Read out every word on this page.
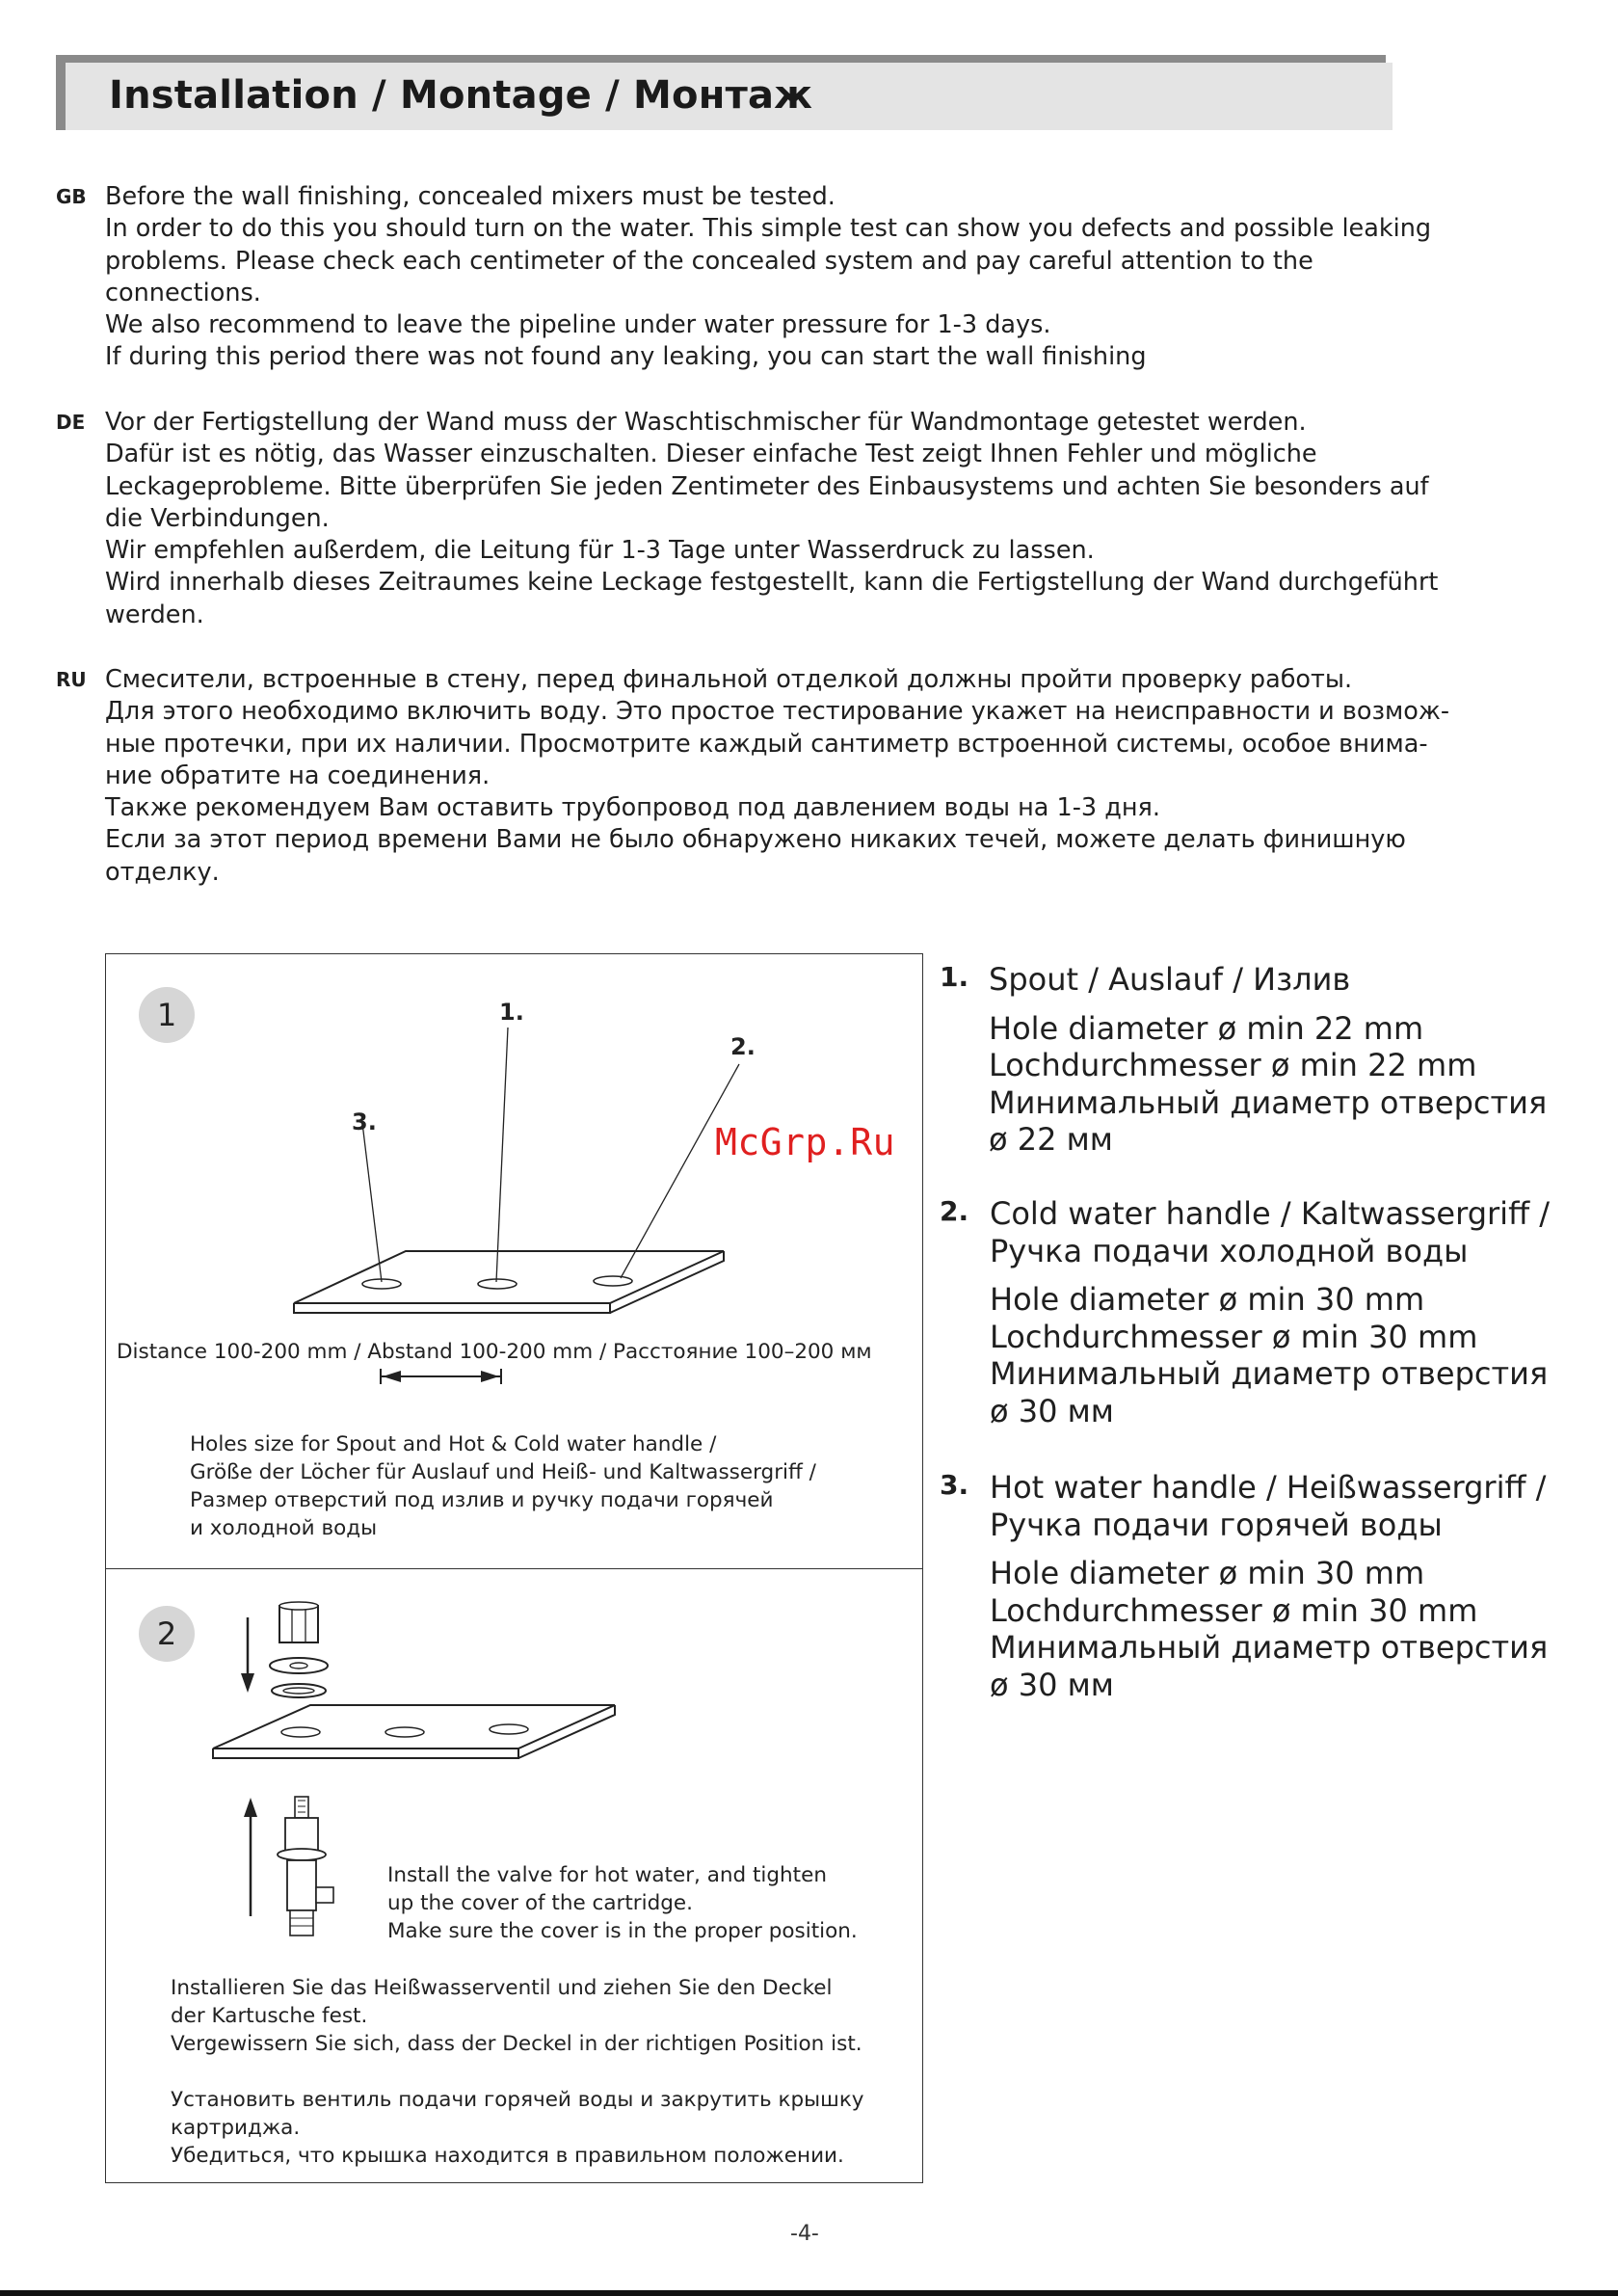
Installation / Montage / Монтаж
GB Before the wall finishing, concealed mixers must be tested.
In order to do this you should turn on the water. This simple test can show you defects and possible leaking
problems. Please check each centimeter of the concealed system and pay careful attention to the
connections.
We also recommend to leave the pipeline under water pressure for 1-3 days.
If during this period there was not found any leaking, you can start the wall finishing
DE Vor der Fertigstellung der Wand muss der Waschtischmischer für Wandmontage getestet werden.
Dafür ist es nötig, das Wasser einzuschalten. Dieser einfache Test zeigt Ihnen Fehler und mögliche
Leckageprobleme. Bitte überprüfen Sie jeden Zentimeter des Einbausystems und achten Sie besonders auf
die Verbindungen.
Wir empfehlen außerdem, die Leitung für 1-3 Tage unter Wasserdruck zu lassen.
Wird innerhalb dieses Zeitraumes keine Leckage festgestellt, kann die Fertigstellung der Wand durchgeführt
werden.
RU Смесители, встроенные в стену, перед финальной отделкой должны пройти проверку работы.
Для этого необходимо включить воду. Это простое тестирование укажет на неисправности и возмож-
ные протечки, при их наличии. Просмотрите каждый сантиметр встроенной системы, особое внима-
ние обратите на соединения.
Также рекомендуем Вам оставить трубопровод под давлением воды на 1-3 дня.
Если за этот период времени Вами не было обнаружено никаких течей, можете делать финишную
отделку.
1	1.
2.
3.
Distance 100-200 mm / Abstand 100-200 mm / Расстояние 100–200 мм
Holes size for Spout and Hot & Cold water handle /
Größe der Löcher für Auslauf und Heiß- und Kaltwassergriff /
Размер отверстий под излив и ручку подачи горячей
и холодной воды
2
Install the valve for hot water, and tighten
up the cover of the cartridge.
Make sure the cover is in the proper position.
Installieren Sie das Heißwasserventil und ziehen Sie den Deckel
der Kartusche fest.
Vergewissern Sie sich, dass der Deckel in der richtigen Position ist.
Установить вентиль подачи горячей воды и закрутить крышку
картриджа.
Убедиться, что крышка находится в правильном положении.
McGrp.Ru
1. Spout / Auslauf / Излив
Hole diameter ø min 22 mm
Lochdurchmesser ø min 22 mm
Минимальный диаметр отверстия
ø 22 мм
2. Cold water handle / Kaltwassergriff /
Ручка подачи холодной воды
Hole diameter ø min 30 mm
Lochdurchmesser ø min 30 mm
Минимальный диаметр отверстия
ø 30 мм
3. Hot water handle / Heißwassergriff /
Ручка подачи горячей воды
Hole diameter ø min 30 mm
Lochdurchmesser ø min 30 mm
Минимальный диаметр отверстия
ø 30 мм
-4-
